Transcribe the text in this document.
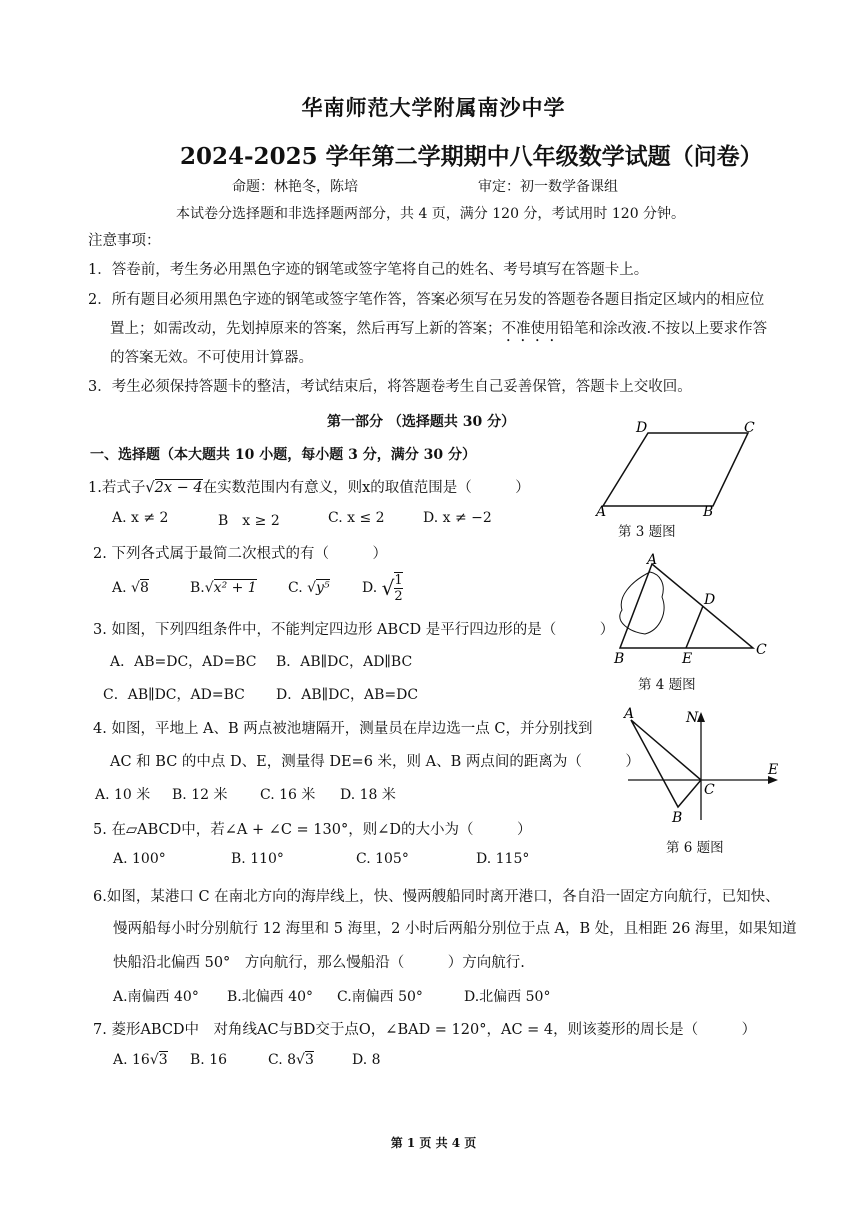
华南师范大学附属南沙中学
2024-2025 学年第二学期期中八年级数学试题（问卷）
命题：林艳冬，陈培	审定：初一数学备课组
本试卷分选择题和非选择题两部分，共 4 页，满分 120 分，考试用时 120 分钟。
注意事项：
1．答卷前，考生务必用黑色字迹的钢笔或签字笔将自己的姓名、考号填写在答题卡上。
2．所有题目必须用黑色字迹的钢笔或签字笔作答，答案必须写在另发的答题卷各题目指定区域内的相应位
置上；如需改动，先划掉原来的答案，然后再写上新的答案；不准使用铅笔和涂改液.不按以上要求作答
的答案无效。不可使用计算器。
3．考生必须保持答题卡的整洁，考试结束后，将答题卷考生自己妥善保管，答题卡上交收回。
第一部分 （选择题共 30 分）
一、选择题（本大题共 10 小题，每小题 3 分，满分 30 分）
1.若式子√2x − 4在实数范围内有意义，则x的取值范围是（　　　）
A. x ≠ 2	B　x ≥ 2	C. x ≤ 2	D. x ≠ −2
2. 下列各式属于最简二次根式的有（　　　）
A. √8	B.√x² + 1 C. √y⁵ D. √ $\frac{1}{2}$
3. 如图，下列四组条件中，不能判定四边形 ABCD 是平行四边形的是（　　　）
A．AB=DC，AD=BC B．AB∥DC，AD∥BC
C．AB∥DC，AD=BC D．AB∥DC，AB=DC
4. 如图，平地上 A、B 两点被池塘隔开，测量员在岸边选一点 C，并分别找到
AC 和 BC 的中点 D、E，测量得 DE=6 米，则 A、B 两点间的距离为（　　　）
A. 10 米 B. 12 米 C. 16 米 D. 18 米
5. 在▱ABCD中，若∠A + ∠C = 130°，则∠D的大小为（　　　）
A. 100°	B. 110°	C. 105°	D. 115°
6.如图，某港口 C 在南北方向的海岸线上，快、慢两艘船同时离开港口，各自沿一固定方向航行，已知快、
慢两船每小时分别航行 12 海里和 5 海里，2 小时后两船分别位于点 A，B 处，且相距 26 海里，如果知道
快船沿北偏西 50°　方向航行，那么慢船沿（　　　）方向航行.
A.南偏西 40° B.北偏西 40° C.南偏西 50°	D.北偏西 50°
7. 菱形ABCD中　对角线AC与BD交于点O，∠BAD = 120°，AC = 4，则该菱形的周长是（　　　）
A. 16√3 B. 16	C. 8√3	D. 8
D	C
A	B
第 3 题图
A
D
B	E
C
第 4 题图
A	N
E
C
B
第 6 题图
第 1 页 共 4 页
